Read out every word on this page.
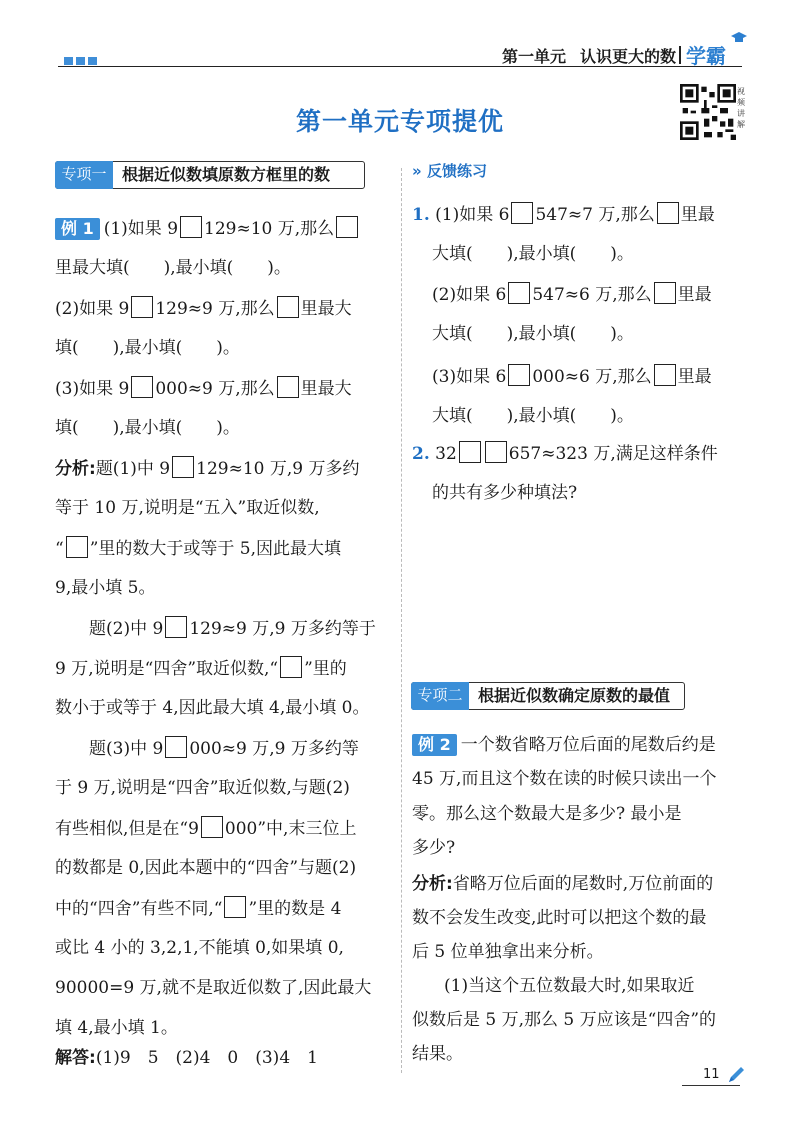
第一单元 认识更大的数 学霸
第一单元专项提优
视频讲解
专项一 根据近似数填原数方框里的数
例 1 (1)如果 9 129≈10 万,那么
里最大填(　　),最小填(　　)。
(2)如果 9 129≈9 万,那么 里最大
填(　　),最小填(　　)。
(3)如果 9 000≈9 万,那么 里最大
填(　　),最小填(　　)。
分析:题(1)中 9 129≈10 万,9 万多约
等于 10 万,说明是“五入”取近似数,
“ ”里的数大于或等于 5,因此最大填
9,最小填 5。
题(2)中 9 129≈9 万,9 万多约等于
9 万,说明是“四舍”取近似数,“ ”里的
数小于或等于 4,因此最大填 4,最小填 0。
题(3)中 9 000≈9 万,9 万多约等
于 9 万,说明是“四舍”取近似数,与题(2)
有些相似,但是在“9 000”中,末三位上
的数都是 0,因此本题中的“四舍”与题(2)
中的“四舍”有些不同,“ ”里的数是 4
或比 4 小的 3,2,1,不能填 0,如果填 0,
90000=9 万,就不是取近似数了,因此最大
填 4,最小填 1。
解答:(1)9　5　(2)4　0　(3)4　1
» 反馈练习
1. (1)如果 6 547≈7 万,那么 里最
大填(　　),最小填(　　)。
(2)如果 6 547≈6 万,那么 里最
大填(　　),最小填(　　)。
(3)如果 6 000≈6 万,那么 里最
大填(　　),最小填(　　)。
2. 32	657≈323 万,满足这样条件
的共有多少种填法?
专项二 根据近似数确定原数的最值
例 2 一个数省略万位后面的尾数后约是
45 万,而且这个数在读的时候只读出一个
零。那么这个数最大是多少? 最小是
多少?
分析:省略万位后面的尾数时,万位前面的
数不会发生改变,此时可以把这个数的最
后 5 位单独拿出来分析。
(1)当这个五位数最大时,如果取近
似数后是 5 万,那么 5 万应该是“四舍”的
结果。
11
